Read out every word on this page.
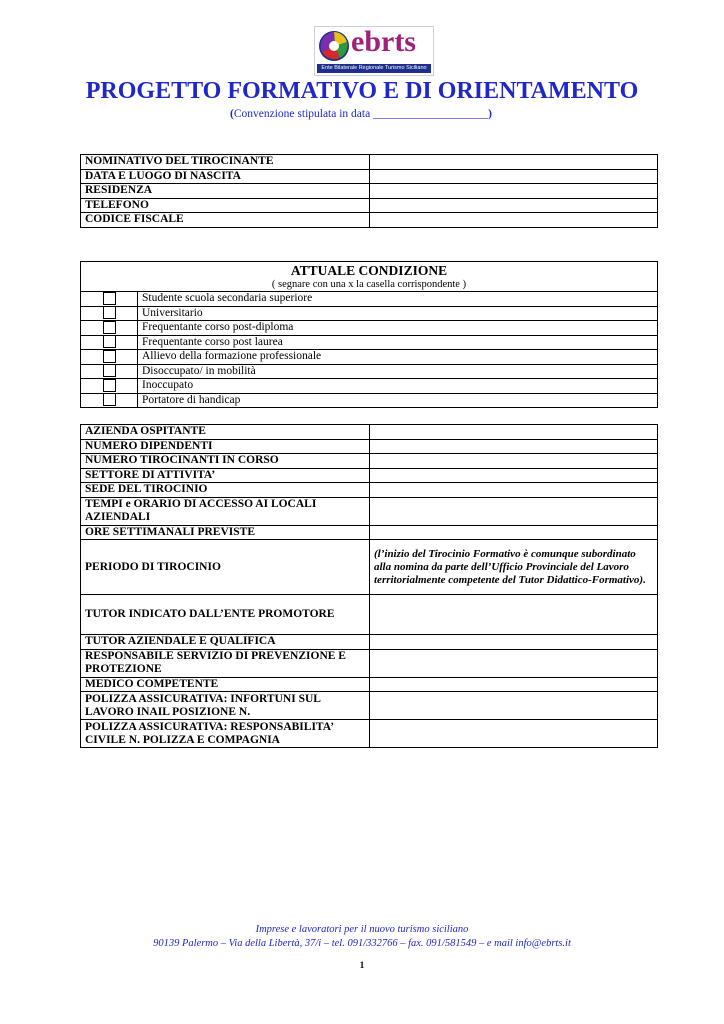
ebrts
Ente Bilaterale Regionale Turismo Siciliano
PROGETTO FORMATIVO E DI ORIENTAMENTO
(Convenzione stipulata in data ____________________)
NOMINATIVO DEL TIROCINANTE	
DATA E LUOGO DI NASCITA	
RESIDENZA	
TELEFONO	
CODICE FISCALE	
ATTUALE CONDIZIONE
( segnare con una x la casella corrispondente )	

	Studente scuola secondaria superiore
	Universitario
	Frequentante corso post-diploma
	Frequentante corso post laurea
	Allievo della formazione professionale
	Disoccupato/ in mobilità
	Inoccupato
	Portatore di handicap
AZIENDA OSPITANTE	
NUMERO DIPENDENTI	
NUMERO TIROCINANTI IN CORSO	
SETTORE DI ATTIVITA’	
SEDE DEL TIROCINIO	
TEMPI e ORARIO DI ACCESSO AI LOCALI AZIENDALI	
ORE SETTIMANALI PREVISTE	
PERIODO DI TIROCINIO	(l’inizio del Tirocinio Formativo è comunque subordinato alla nomina da parte dell’Ufficio Provinciale del Lavoro territorialmente competente del Tutor Didattico-Formativo).
TUTOR INDICATO DALL’ENTE PROMOTORE	
TUTOR AZIENDALE E QUALIFICA	
RESPONSABILE SERVIZIO DI PREVENZIONE E PROTEZIONE	
MEDICO COMPETENTE	
POLIZZA ASSICURATIVA: INFORTUNI SUL LAVORO INAIL POSIZIONE N.	
POLIZZA ASSICURATIVA: RESPONSABILITA’ CIVILE N. POLIZZA E COMPAGNIA	
Imprese e lavoratori per il nuovo turismo siciliano
90139 Palermo – Via della Libertà, 37/i – tel. 091/332766 – fax. 091/581549 – e mail info@ebrts.it
1
